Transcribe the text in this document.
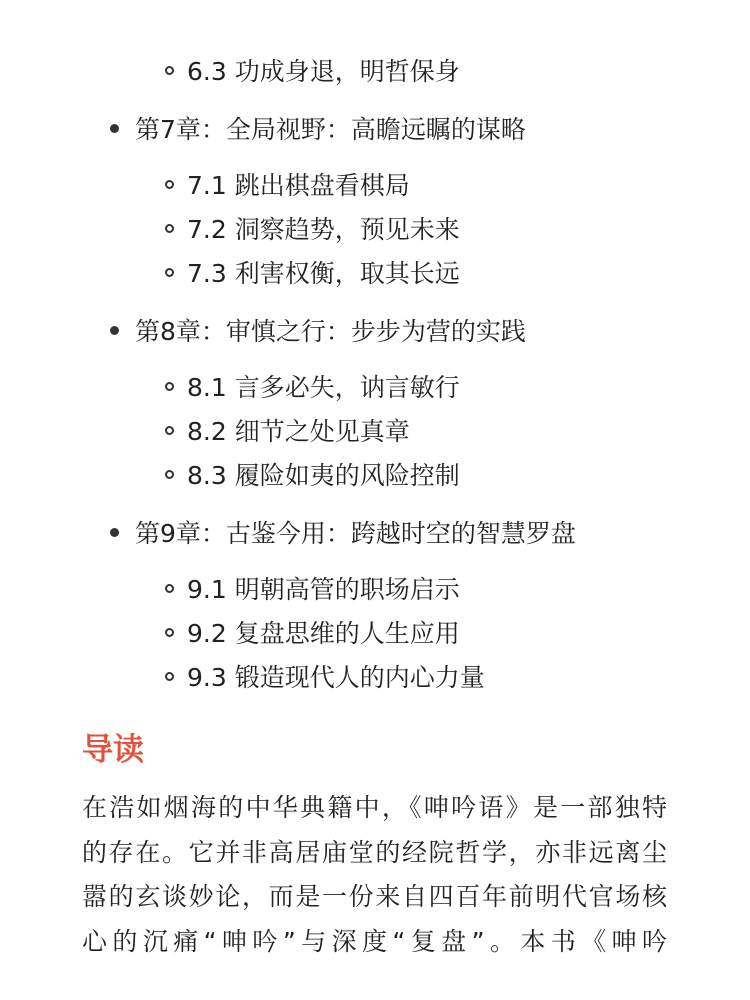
6.3 功成身退，明哲保身
第7章：全局视野：高瞻远瞩的谋略
7.1 跳出棋盘看棋局
7.2 洞察趋势，预见未来
7.3 利害权衡，取其长远
第8章：审慎之行：步步为营的实践
8.1 言多必失，讷言敏行
8.2 细节之处见真章
8.3 履险如夷的风险控制
第9章：古鉴今用：跨越时空的智慧罗盘
9.1 明朝高管的职场启示
9.2 复盘思维的人生应用
9.3 锻造现代人的内心力量
导读

在浩如烟海的中华典籍中，《呻吟语》是一部独特
的存在。它并非高居庙堂的经院哲学，亦非远离尘
嚣的玄谈妙论，而是一份来自四百年前明代官场核
心的沉痛“呻吟”与深度“复盘”。本书《呻吟
